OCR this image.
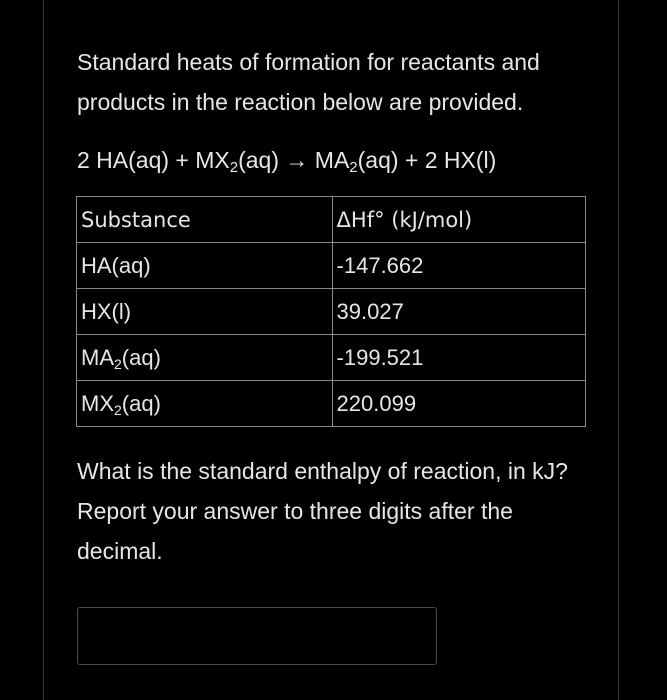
Standard heats of formation for reactants and products in the reaction below are provided.

2 $HA(aq) + MX_2(aq) \to MA_2(aq) + 2$ HX(l)
Substance	ΔHf° (kJ/mol)
HA(aq)	-147.662
HX(l)	39.027
$MA_2(aq)$	-199.521
$MX_2(aq)$	220.099

What is the standard enthalpy of reaction, in kJ? Report your answer to three digits after the decimal.
